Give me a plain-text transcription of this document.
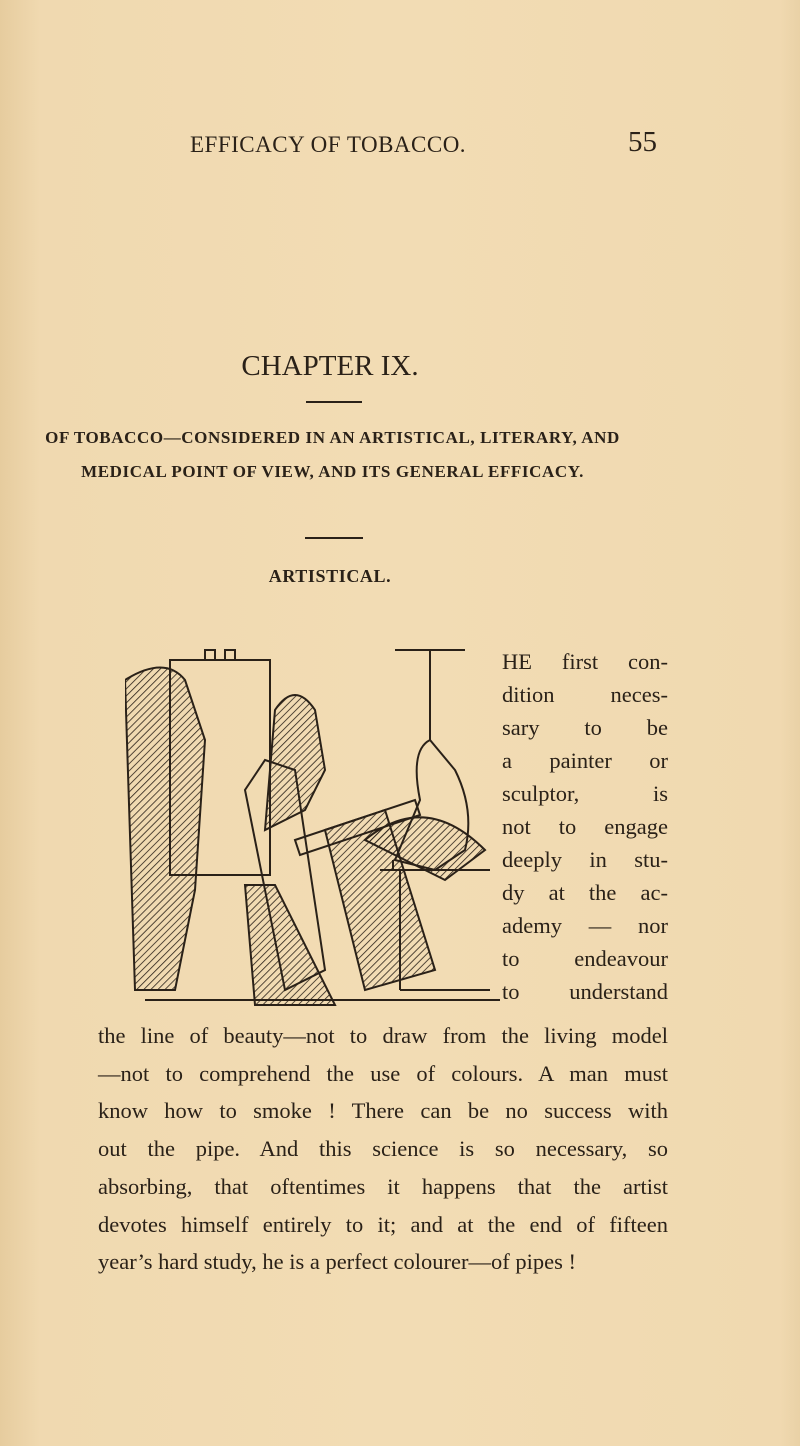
EFFICACY OF TOBACCO.	55
CHAPTER IX.
OF TOBACCO—CONSIDERED IN AN ARTISTICAL, LITERARY, AND
MEDICAL POINT OF VIEW, AND ITS GENERAL EFFICACY.
ARTISTICAL.
HE first con-
dition neces-
sary to be
a painter or
sculptor, is
not to engage
deeply in stu-
dy at the ac-
ademy — nor
to endeavour
to understand
the line of beauty—not to draw from the living model
—not to comprehend the use of colours. A man must
know how to smoke ! There can be no success with
out the pipe. And this science is so necessary, so
absorbing, that oftentimes it happens that the artist
devotes himself entirely to it; and at the end of fifteen
year’s hard study, he is a perfect colourer—of pipes !
